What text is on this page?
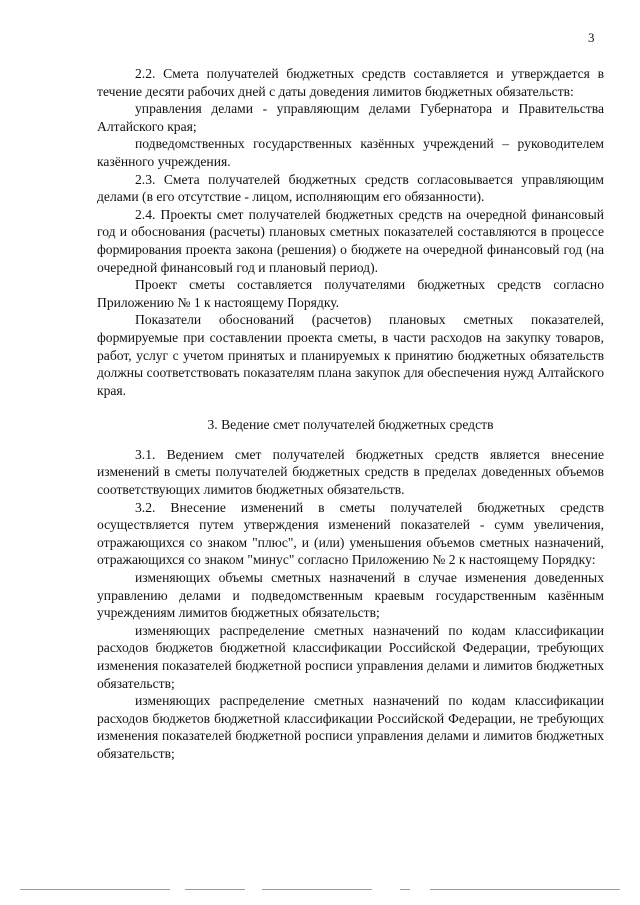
3

2.2. Смета получателей бюджетных средств составляется и утверждается в течение десяти рабочих дней с даты доведения лимитов бюджетных обязательств:

управления делами - управляющим делами Губернатора и Правительства Алтайского края;

подведомственных государственных казённых учреждений – руководителем казённого учреждения.

2.3. Смета получателей бюджетных средств согласовывается управляющим делами (в его отсутствие - лицом, исполняющим его обязанности).

2.4. Проекты смет получателей бюджетных средств на очередной финансовый год и обоснования (расчеты) плановых сметных показателей составляются в процессе формирования проекта закона (решения) о бюджете на очередной финансовый год (на очередной финансовый год и плановый период).

Проект сметы составляется получателями бюджетных средств согласно Приложению № 1 к настоящему Порядку.

Показатели обоснований (расчетов) плановых сметных показателей, формируемые при составлении проекта сметы, в части расходов на закупку товаров, работ, услуг с учетом принятых и планируемых к принятию бюджетных обязательств должны соответствовать показателям плана закупок для обеспечения нужд Алтайского края.

3. Ведение смет получателей бюджетных средств

3.1. Ведением смет получателей бюджетных средств является внесение изменений в сметы получателей бюджетных средств в пределах доведенных объемов соответствующих лимитов бюджетных обязательств.

3.2. Внесение изменений в сметы получателей бюджетных средств осуществляется путем утверждения изменений показателей - сумм увеличения, отражающихся со знаком "плюс", и (или) уменьшения объемов сметных назначений, отражающихся со знаком "минус" согласно Приложению № 2 к настоящему Порядку:

изменяющих объемы сметных назначений в случае изменения доведенных управлению делами и подведомственным краевым государственным казённым учреждениям лимитов бюджетных обязательств;

изменяющих распределение сметных назначений по кодам классификации расходов бюджетов бюджетной классификации Российской Федерации, требующих изменения показателей бюджетной росписи управления делами и лимитов бюджетных обязательств;

изменяющих распределение сметных назначений по кодам классификации расходов бюджетов бюджетной классификации Российской Федерации, не требующих изменения показателей бюджетной росписи управления делами и лимитов бюджетных обязательств;
